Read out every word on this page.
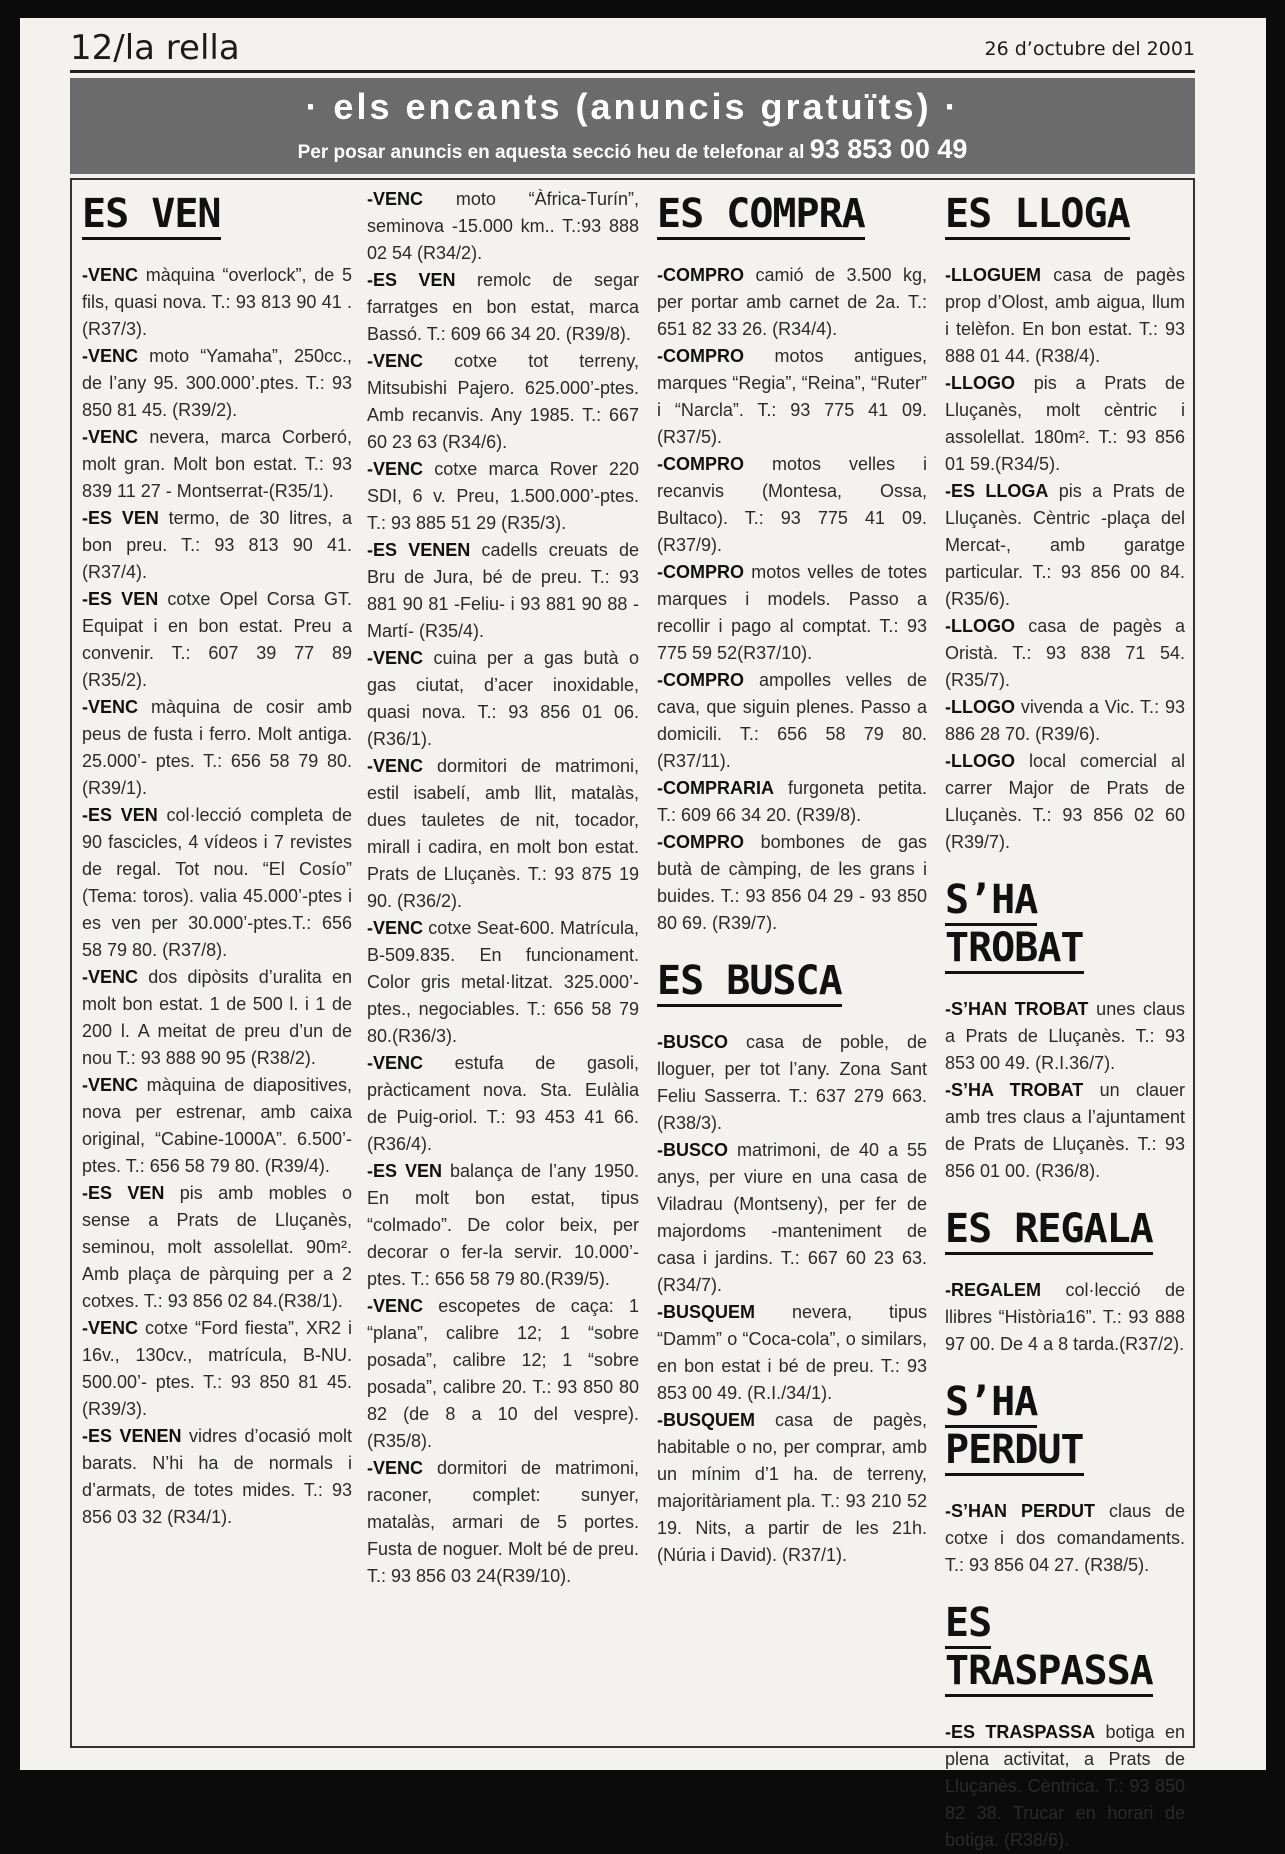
12/la rella	26 d’octubre del 2001
· els encants (anuncis gratuïts) ·
Per posar anuncis en aquesta secció heu de telefonar al 93 853 00 49
ES VEN

-VENC màquina “overlock”, de 5 fils, quasi nova. T.: 93 813 90 41 . (R37/3).

-VENC moto “Yamaha”, 250cc., de l’any 95. 300.000’.ptes. T.: 93 850 81 45. (R39/2).

-VENC nevera, marca Corberó, molt gran. Molt bon estat. T.: 93 839 11 27 - Montserrat-(R35/1).

-ES VEN termo, de 30 litres, a bon preu. T.: 93 813 90 41. (R37/4).

-ES VEN cotxe Opel Corsa GT. Equipat i en bon estat. Preu a convenir. T.: 607 39 77 89 (R35/2).

-VENC màquina de cosir amb peus de fusta i ferro. Molt antiga. 25.000’- ptes. T.: 656 58 79 80. (R39/1).

-ES VEN col·lecció completa de 90 fascicles, 4 vídeos i 7 revistes de regal. Tot nou. “El Cosío” (Tema: toros). valia 45.000’-ptes i es ven per 30.000’-ptes.T.: 656 58 79 80. (R37/8).

-VENC dos dipòsits d’uralita en molt bon estat. 1 de 500 l. i 1 de 200 l. A meitat de preu d’un de nou T.: 93 888 90 95 (R38/2).

-VENC màquina de diapositives, nova per estrenar, amb caixa original, “Cabine-1000A”. 6.500’- ptes. T.: 656 58 79 80. (R39/4).

-ES VEN pis amb mobles o sense a Prats de Lluçanès, seminou, molt assolellat. 90m². Amb plaça de pàrquing per a 2 cotxes. T.: 93 856 02 84.(R38/1).

-VENC cotxe “Ford fiesta”, XR2 i 16v., 130cv., matrícula, B-NU. 500.00’- ptes. T.: 93 850 81 45. (R39/3).

-ES VENEN vidres d’ocasió molt barats. N’hi ha de normals i d’armats, de totes mides. T.: 93 856 03 32 (R34/1).

-VENC moto “Àfrica-Turín”, seminova -15.000 km.. T.:93 888 02 54 (R34/2).

-ES VEN remolc de segar farratges en bon estat, marca Bassó. T.: 609 66 34 20. (R39/8).

-VENC cotxe tot terreny, Mitsubishi Pajero. 625.000’-ptes. Amb recanvis. Any 1985. T.: 667 60 23 63 (R34/6).

-VENC cotxe marca Rover 220 SDI, 6 v. Preu, 1.500.000’-ptes. T.: 93 885 51 29 (R35/3).

-ES VENEN cadells creuats de Bru de Jura, bé de preu. T.: 93 881 90 81 -Feliu- i 93 881 90 88 -Martí- (R35/4).

-VENC cuina per a gas butà o gas ciutat, d’acer inoxidable, quasi nova. T.: 93 856 01 06. (R36/1).

-VENC dormitori de matrimoni, estil isabelí, amb llit, matalàs, dues tauletes de nit, tocador, mirall i cadira, en molt bon estat. Prats de Lluçanès. T.: 93 875 19 90. (R36/2).

-VENC cotxe Seat-600. Matrícula, B-509.835. En funcionament. Color gris metal·litzat. 325.000’-ptes., negociables. T.: 656 58 79 80.(R36/3).

-VENC estufa de gasoli, pràcticament nova. Sta. Eulàlia de Puig-oriol. T.: 93 453 41 66. (R36/4).

-ES VEN balança de l’any 1950. En molt bon estat, tipus “colmado”. De color beix, per decorar o fer-la servir. 10.000’-ptes. T.: 656 58 79 80.(R39/5).

-VENC escopetes de caça: 1 “plana”, calibre 12; 1 “sobre posada”, calibre 12; 1 “sobre posada”, calibre 20. T.: 93 850 80 82 (de 8 a 10 del vespre). (R35/8).

-VENC dormitori de matrimoni, raconer, complet: sunyer, matalàs, armari de 5 portes. Fusta de noguer. Molt bé de preu. T.: 93 856 03 24(R39/10).

ES COMPRA

-COMPRO camió de 3.500 kg, per portar amb carnet de 2a. T.: 651 82 33 26. (R34/4).

-COMPRO motos antigues, marques “Regia”, “Reina”, “Ruter” i “Narcla”. T.: 93 775 41 09. (R37/5).

-COMPRO motos velles i recanvis (Montesa, Ossa, Bultaco). T.: 93 775 41 09.(R37/9).

-COMPRO motos velles de totes marques i models. Passo a recollir i pago al comptat. T.: 93 775 59 52(R37/10).

-COMPRO ampolles velles de cava, que siguin plenes. Passo a domicili. T.: 656 58 79 80. (R37/11).

-COMPRARIA furgoneta petita. T.: 609 66 34 20. (R39/8).

-COMPRO bombones de gas butà de càmping, de les grans i buides. T.: 93 856 04 29 - 93 850 80 69. (R39/7).

ES BUSCA

-BUSCO casa de poble, de lloguer, per tot l’any. Zona Sant Feliu Sasserra. T.: 637 279 663. (R38/3).

-BUSCO matrimoni, de 40 a 55 anys, per viure en una casa de Viladrau (Montseny), per fer de majordoms -manteniment de casa i jardins. T.: 667 60 23 63. (R34/7).

-BUSQUEM nevera, tipus “Damm” o “Coca-cola”, o similars, en bon estat i bé de preu. T.: 93 853 00 49. (R.I./34/1).

-BUSQUEM casa de pagès, habitable o no, per comprar, amb un mínim d’1 ha. de terreny, majoritàriament pla. T.: 93 210 52 19. Nits, a partir de les 21h. (Núria i David). (R37/1).

ES LLOGA

-LLOGUEM casa de pagès prop d’Olost, amb aigua, llum i telèfon. En bon estat. T.: 93 888 01 44. (R38/4).

-LLOGO pis a Prats de Lluçanès, molt cèntric i assolellat. 180m². T.: 93 856 01 59.(R34/5).

-ES LLOGA pis a Prats de Lluçanès. Cèntric -plaça del Mercat-, amb garatge particular. T.: 93 856 00 84. (R35/6).

-LLOGO casa de pagès a Oristà. T.: 93 838 71 54. (R35/7).

-LLOGO vivenda a Vic. T.: 93 886 28 70. (R39/6).

-LLOGO local comercial al carrer Major de Prats de Lluçanès. T.: 93 856 02 60 (R39/7).

S’HA TROBAT

-S’HAN TROBAT unes claus a Prats de Lluçanès. T.: 93 853 00 49. (R.I.36/7).

-S’HA TROBAT un clauer amb tres claus a l’ajuntament de Prats de Lluçanès. T.: 93 856 01 00. (R36/8).

ES REGALA

-REGALEM col·lecció de llibres “Història16”. T.: 93 888 97 00. De 4 a 8 tarda.(R37/2).

S’HA PERDUT

-S’HAN PERDUT claus de cotxe i dos comandaments. T.: 93 856 04 27. (R38/5).

ES TRASPASSA

-ES TRASPASSA botiga en plena activitat, a Prats de Lluçanès. Cèntrica. T.: 93 850 82 38. Trucar en horari de botiga. (R38/6).
